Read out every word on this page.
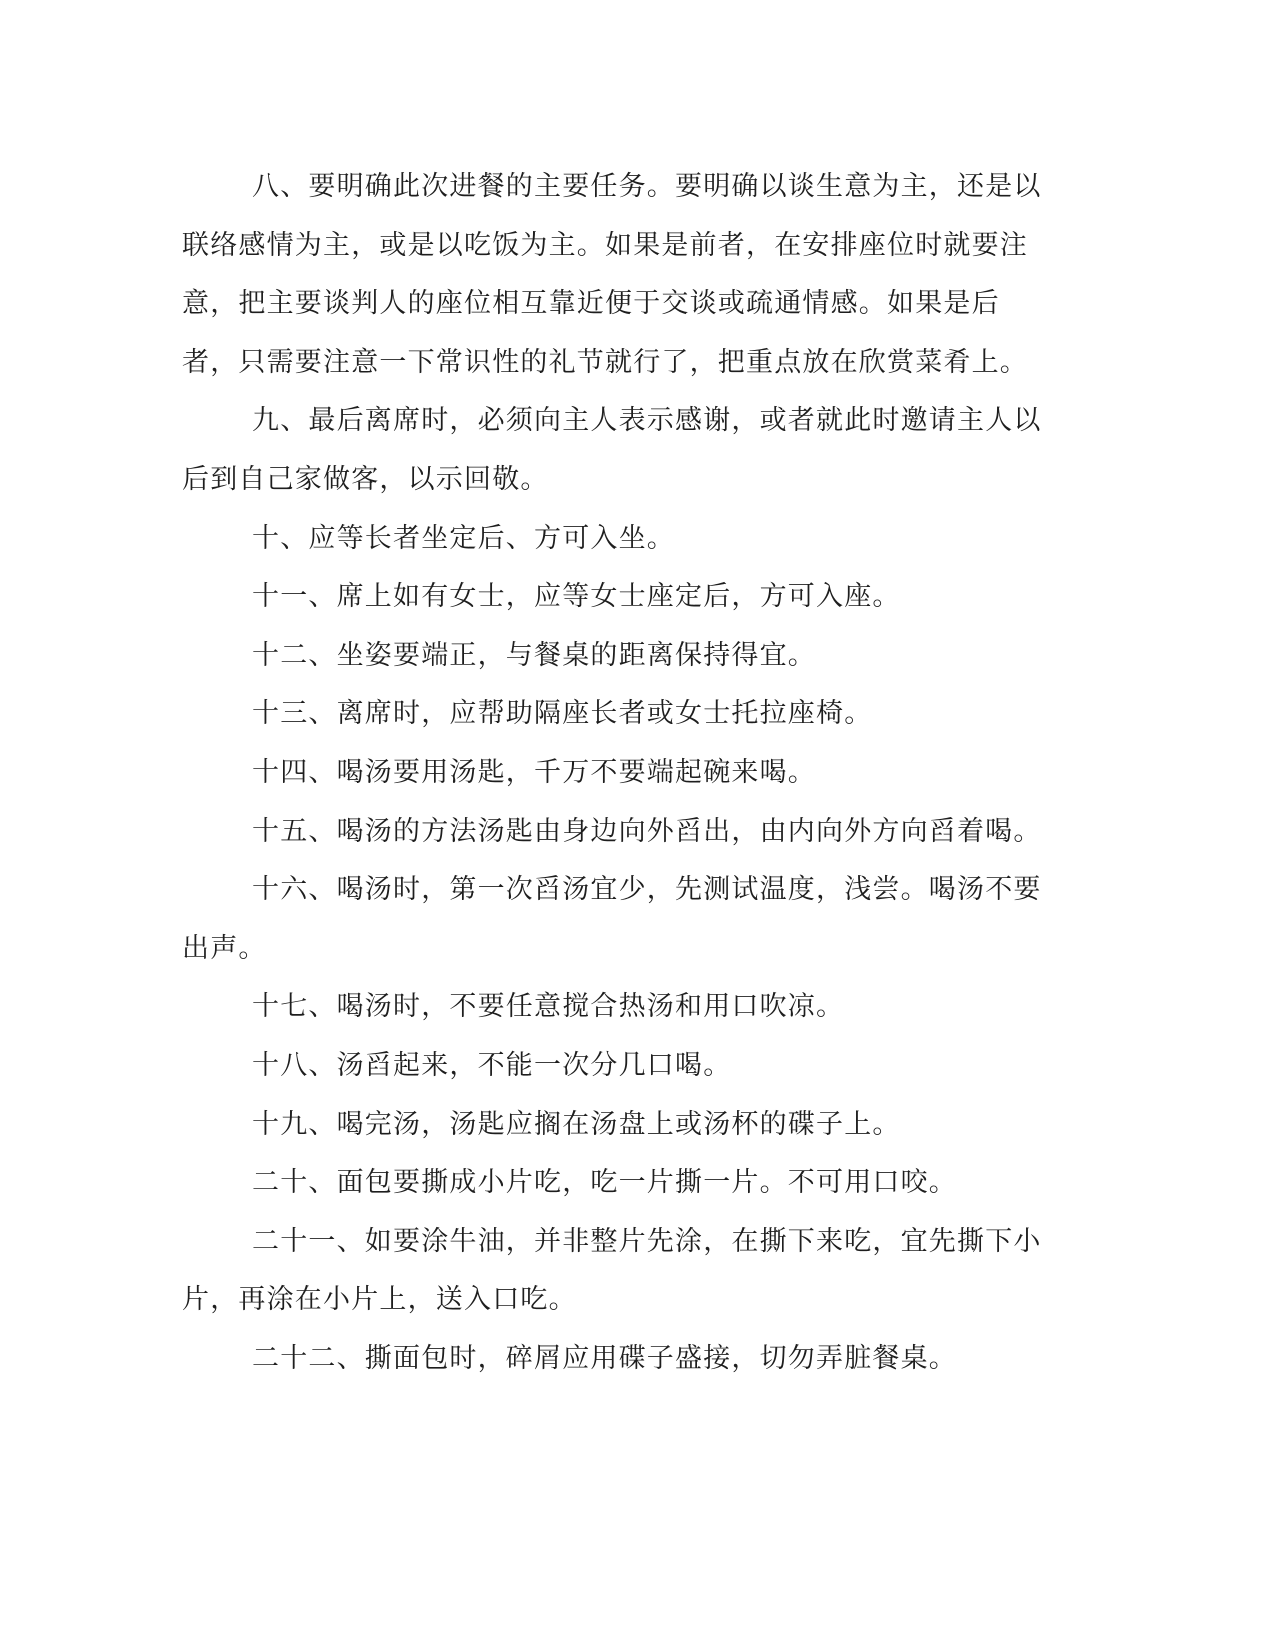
八、要明确此次进餐的主要任务。要明确以谈生意为主，还是以联络感情为主，或是以吃饭为主。如果是前者，在安排座位时就要注意，把主要谈判人的座位相互靠近便于交谈或疏通情感。如果是后者，只需要注意一下常识性的礼节就行了，把重点放在欣赏菜肴上。

九、最后离席时，必须向主人表示感谢，或者就此时邀请主人以后到自己家做客，以示回敬。

十、应等长者坐定后、方可入坐。

十一、席上如有女士，应等女士座定后，方可入座。

十二、坐姿要端正，与餐桌的距离保持得宜。

十三、离席时，应帮助隔座长者或女士托拉座椅。

十四、喝汤要用汤匙，千万不要端起碗来喝。

十五、喝汤的方法汤匙由身边向外舀出，由内向外方向舀着喝。

十六、喝汤时，第一次舀汤宜少，先测试温度，浅尝。喝汤不要出声。

十七、喝汤时，不要任意搅合热汤和用口吹凉。

十八、汤舀起来，不能一次分几口喝。

十九、喝完汤，汤匙应搁在汤盘上或汤杯的碟子上。

二十、面包要撕成小片吃，吃一片撕一片。不可用口咬。

二十一、如要涂牛油，并非整片先涂，在撕下来吃，宜先撕下小片，再涂在小片上，送入口吃。

二十二、撕面包时，碎屑应用碟子盛接，切勿弄脏餐桌。
